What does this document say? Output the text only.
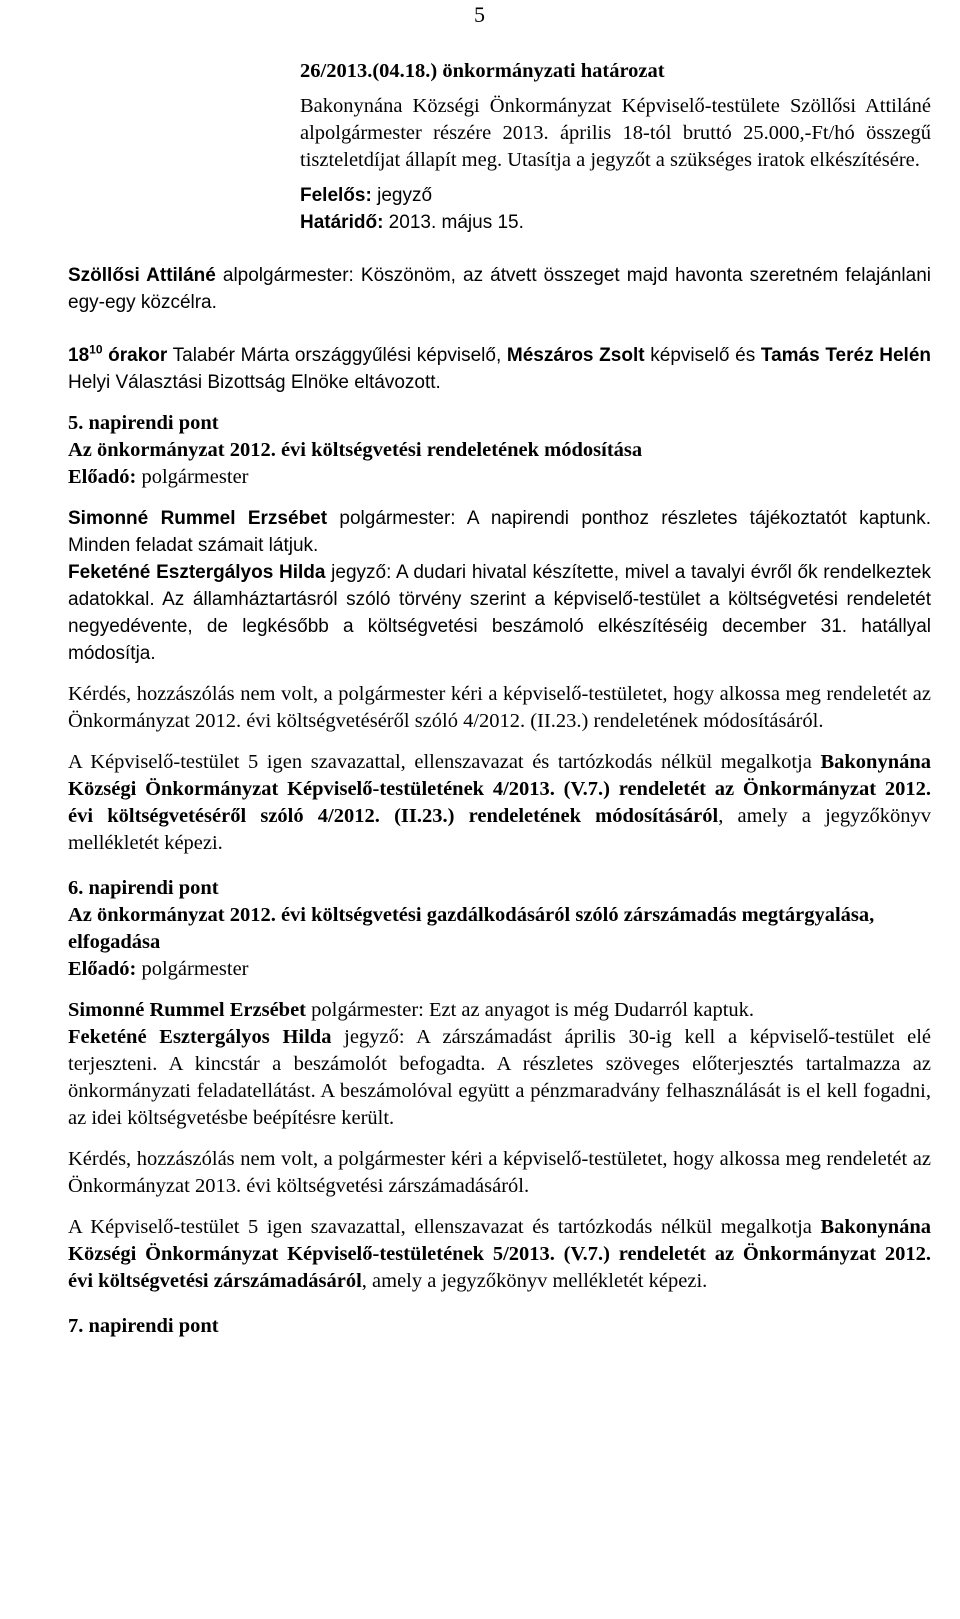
5
26/2013.(04.18.) önkormányzati határozat
Bakonynána Községi Önkormányzat Képviselő-testülete Szöllősi Attiláné alpolgármester részére 2013. április 18-tól bruttó 25.000,-Ft/hó összegű tiszteletdíjat állapít meg. Utasítja a jegyzőt a szükséges iratok elkészítésére.
Felelős: jegyző
Határidő: 2013. május 15.
Szöllősi Attiláné alpolgármester: Köszönöm, az átvett összeget majd havonta szeretném felajánlani egy-egy közcélra.
$18^{10}$ órakor Talabér Márta országgyűlési képviselő, Mészáros Zsolt képviselő és Tamás Teréz Helén Helyi Választási Bizottság Elnöke eltávozott.
5. napirendi pont
Az önkormányzat 2012. évi költségvetési rendeletének módosítása
Előadó: polgármester
Simonné Rummel Erzsébet polgármester: A napirendi ponthoz részletes tájékoztatót kaptunk. Minden feladat számait látjuk.
Feketéné Esztergályos Hilda jegyző: A dudari hivatal készítette, mivel a tavalyi évről ők rendelkeztek adatokkal. Az államháztartásról szóló törvény szerint a képviselő-testület a költségvetési rendeletét negyedévente, de legkésőbb a költségvetési beszámoló elkészítéséig december 31. hatállyal módosítja.
Kérdés, hozzászólás nem volt, a polgármester kéri a képviselő-testületet, hogy alkossa meg rendeletét az Önkormányzat 2012. évi költségvetéséről szóló 4/2012. (II.23.) rendeletének módosításáról.
A Képviselő-testület 5 igen szavazattal, ellenszavazat és tartózkodás nélkül megalkotja Bakonynána Községi Önkormányzat Képviselő-testületének 4/2013. (V.7.) rendeletét az Önkormányzat 2012. évi költségvetéséről szóló 4/2012. (II.23.) rendeletének módosításáról, amely a jegyzőkönyv mellékletét képezi.
6. napirendi pont
Az önkormányzat 2012. évi költségvetési gazdálkodásáról szóló zárszámadás megtárgyalása, elfogadása
Előadó: polgármester
Simonné Rummel Erzsébet polgármester: Ezt az anyagot is még Dudarról kaptuk.
Feketéné Esztergályos Hilda jegyző: A zárszámadást április 30-ig kell a képviselő-testület elé terjeszteni. A kincstár a beszámolót befogadta. A részletes szöveges előterjesztés tartalmazza az önkormányzati feladatellátást. A beszámolóval együtt a pénzmaradvány felhasználását is el kell fogadni, az idei költségvetésbe beépítésre került.
Kérdés, hozzászólás nem volt, a polgármester kéri a képviselő-testületet, hogy alkossa meg rendeletét az Önkormányzat 2013. évi költségvetési zárszámadásáról.
A Képviselő-testület 5 igen szavazattal, ellenszavazat és tartózkodás nélkül megalkotja Bakonynána Községi Önkormányzat Képviselő-testületének 5/2013. (V.7.) rendeletét az Önkormányzat 2012. évi költségvetési zárszámadásáról, amely a jegyzőkönyv mellékletét képezi.
7. napirendi pont
